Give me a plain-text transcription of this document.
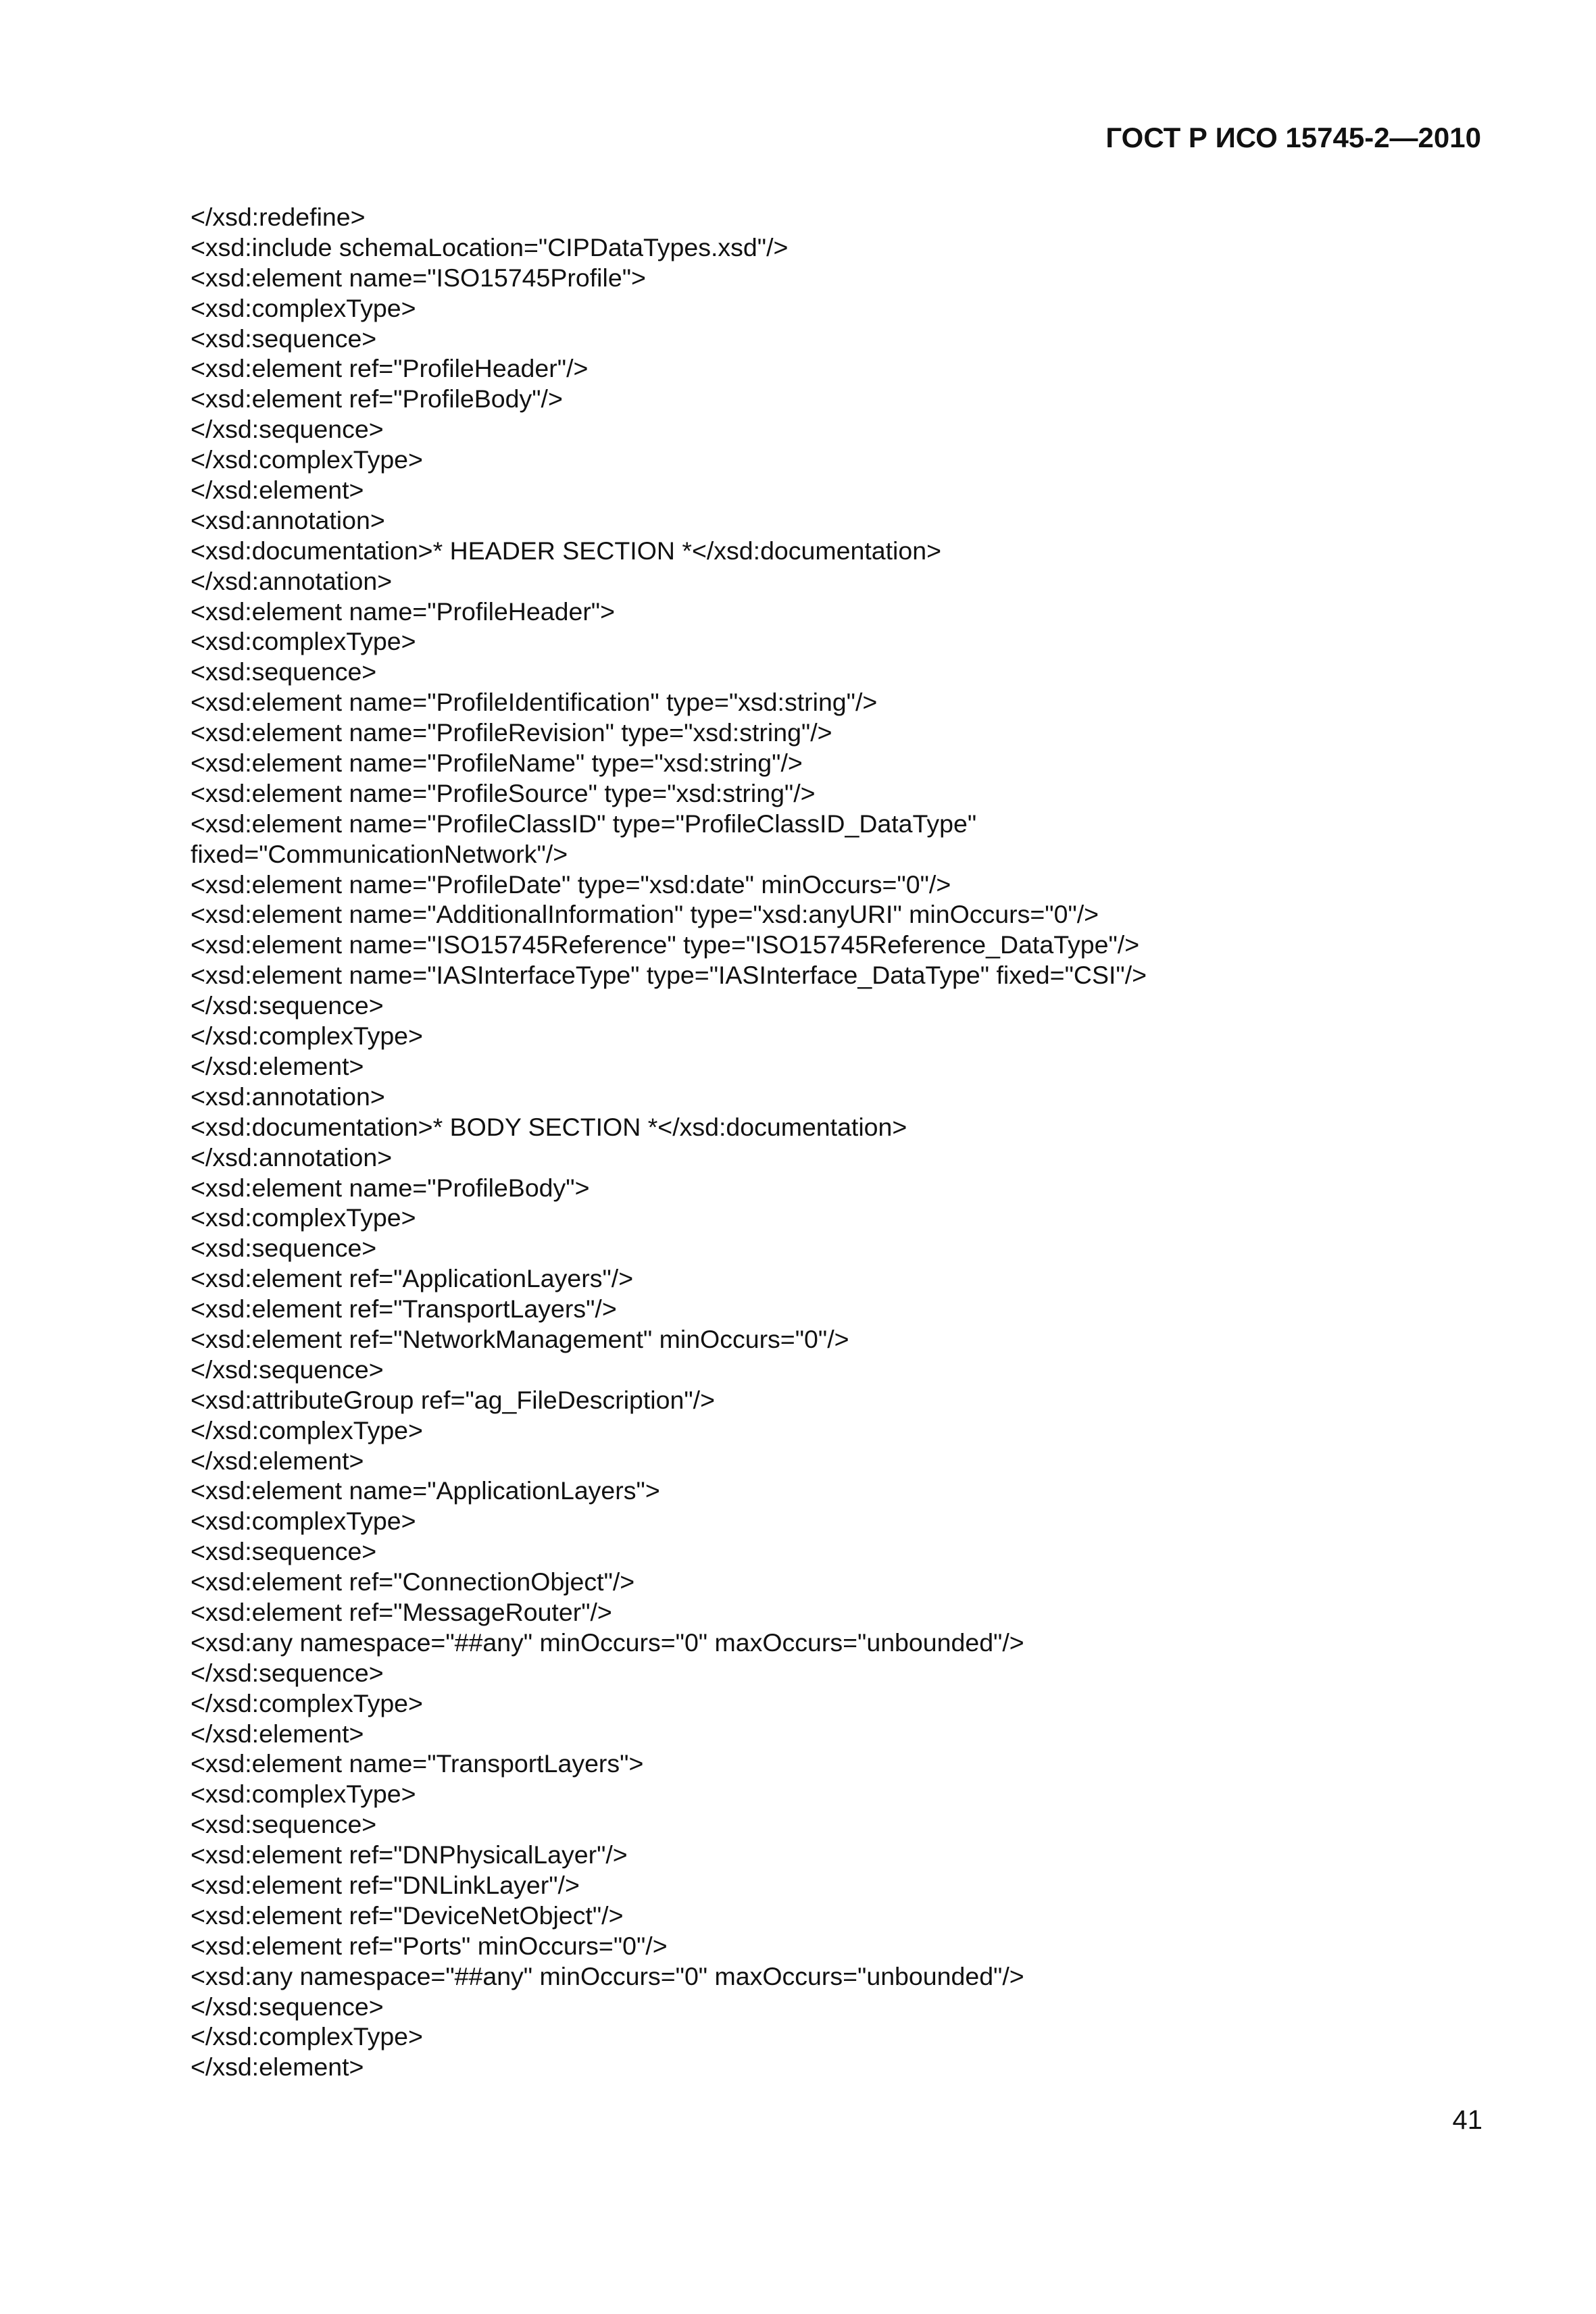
ГОСТ Р ИСО 15745-2—2010
</xsd:redefine>
<xsd:include schemaLocation="CIPDataTypes.xsd"/>
<xsd:element name="ISO15745Profile">
<xsd:complexType>
<xsd:sequence>
<xsd:element ref="ProfileHeader"/>
<xsd:element ref="ProfileBody"/>
</xsd:sequence>
</xsd:complexType>
</xsd:element>
<xsd:annotation>
<xsd:documentation>* HEADER SECTION *</xsd:documentation>
</xsd:annotation>
<xsd:element name="ProfileHeader">
<xsd:complexType>
<xsd:sequence>
<xsd:element name="ProfileIdentification" type="xsd:string"/>
<xsd:element name="ProfileRevision" type="xsd:string"/>
<xsd:element name="ProfileName" type="xsd:string"/>
<xsd:element name="ProfileSource" type="xsd:string"/>
<xsd:element name="ProfileClassID" type="ProfileClassID_DataType"
fixed="CommunicationNetwork"/>
<xsd:element name="ProfileDate" type="xsd:date" minOccurs="0"/>
<xsd:element name="AdditionalInformation" type="xsd:anyURI" minOccurs="0"/>
<xsd:element name="ISO15745Reference" type="ISO15745Reference_DataType"/>
<xsd:element name="IASInterfaceType" type="IASInterface_DataType" fixed="CSI"/>
</xsd:sequence>
</xsd:complexType>
</xsd:element>
<xsd:annotation>
<xsd:documentation>* BODY SECTION *</xsd:documentation>
</xsd:annotation>
<xsd:element name="ProfileBody">
<xsd:complexType>
<xsd:sequence>
<xsd:element ref="ApplicationLayers"/>
<xsd:element ref="TransportLayers"/>
<xsd:element ref="NetworkManagement" minOccurs="0"/>
</xsd:sequence>
<xsd:attributeGroup ref="ag_FileDescription"/>
</xsd:complexType>
</xsd:element>
<xsd:element name="ApplicationLayers">
<xsd:complexType>
<xsd:sequence>
<xsd:element ref="ConnectionObject"/>
<xsd:element ref="MessageRouter"/>
<xsd:any namespace="##any" minOccurs="0" maxOccurs="unbounded"/>
</xsd:sequence>
</xsd:complexType>
</xsd:element>
<xsd:element name="TransportLayers">
<xsd:complexType>
<xsd:sequence>
<xsd:element ref="DNPhysicalLayer"/>
<xsd:element ref="DNLinkLayer"/>
<xsd:element ref="DeviceNetObject"/>
<xsd:element ref="Ports" minOccurs="0"/>
<xsd:any namespace="##any" minOccurs="0" maxOccurs="unbounded"/>
</xsd:sequence>
</xsd:complexType>
</xsd:element>
41
